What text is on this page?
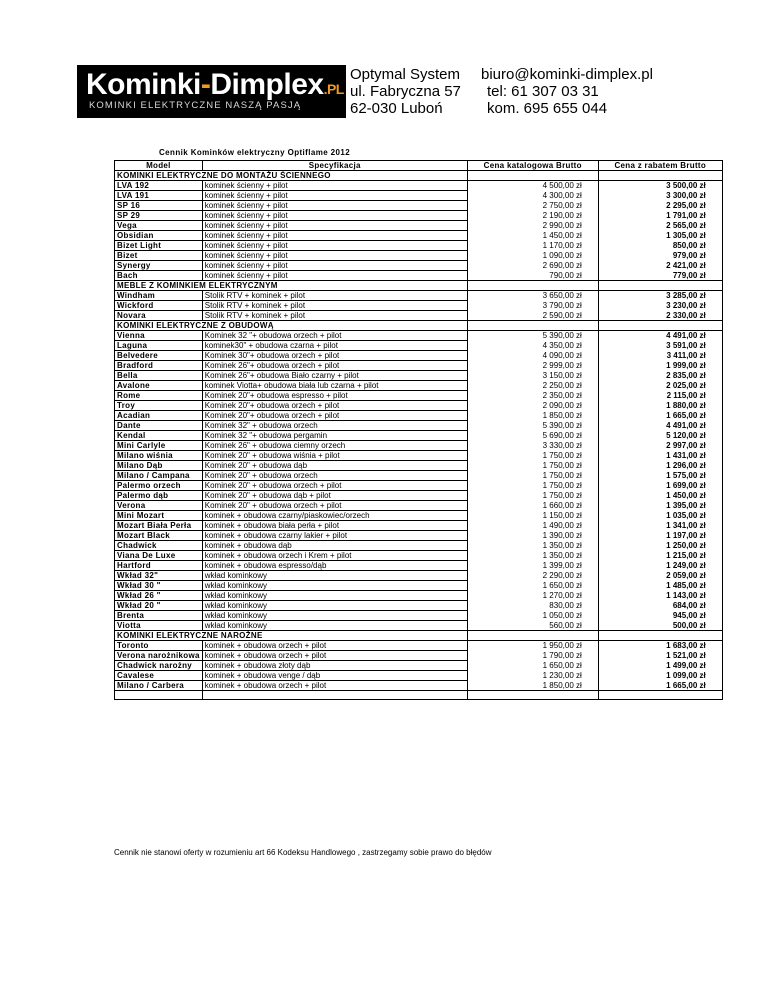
Kominki-Dimplex.PL
KOMINKI ELEKTRYCZNE NASZĄ PASJĄ
Optymal System
ul. Fabryczna 57
62-030 Luboń
biuro@kominki-dimplex.pl
tel: 61 307 03 31
kom. 695 655 044
Cennik Kominków elektryczny Optiflame 2012
Model	Specyfikacja	Cena katalogowa Brutto	Cena z rabatem Brutto
KOMINKI ELEKTRYCZNE DO MONTAŻU ŚCIENNEGO			
LVA 192	kominek ścienny + pilot	4 500,00 zł	3 500,00 zł
LVA 191	kominek ścienny + pilot	4 300,00 zł	3 300,00 zł
SP 16	kominek ścienny + pilot	2 750,00 zł	2 295,00 zł
SP 29	kominek ścienny + pilot	2 190,00 zł	1 791,00 zł
Vega	kominek ścienny + pilot	2 990,00 zł	2 565,00 zł
Obsidian	kominek ścienny + pilot	1 450,00 zł	1 305,00 zł
Bizet Light	kominek ścienny + pilot	1 170,00 zł	850,00 zł
Bizet	kominek ścienny + pilot	1 090,00 zł	979,00 zł
Synergy	kominek ścienny + pilot	2 690,00 zł	2 421,00 zł
Bach	kominek ścienny + pilot	790,00 zł	779,00 zł
MEBLE Z KOMINKIEM ELEKTRYCZNYM			
Windham	Stolik RTV + kominek + pilot	3 650,00 zł	3 285,00 zł
Wickford	Stolik RTV + kominek + pilot	3 790,00 zł	3 230,00 zł
Novara	Stolik RTV + kominek + pilot	2 590,00 zł	2 330,00 zł
KOMINKI ELEKTRYCZNE Z OBUDOWĄ			
Vienna	Kominek 32 "+ obudowa orzech + pilot	5 390,00 zł	4 491,00 zł
Laguna	kominek30" + obudowa czarna + pilot	4 350,00 zł	3 591,00 zł
Belvedere	Kominek 30"+ obudowa orzech + pilot	4 090,00 zł	3 411,00 zł
Bradford	Kominek 26"+ obudowa orzech + pilot	2 999,00 zł	1 999,00 zł
Bella	Kominek 26"+ obudowa Biało czarny + pilot	3 150,00 zł	2 835,00 zł
Avalone	kominek Viotta+ obudowa biała lub czarna + pilot	2 250,00 zł	2 025,00 zł
Rome	Kominek 20"+ obudowa espresso + pilot	2 350,00 zł	2 115,00 zł
Troy	Kominek 20"+ obudowa orzech + pilot	2 090,00 zł	1 880,00 zł
Acadian	Kominek 20"+ obudowa orzech + pilot	1 850,00 zł	1 665,00 zł
Dante	Kominek 32" + obudowa orzech	5 390,00 zł	4 491,00 zł
Kendal	Kominek 32 "+ obudowa pergamin	5 690,00 zł	5 120,00 zł
Mini Carlyle	Kominek 26" + obudowa ciemny orzech	3 330,00 zł	2 997,00 zł
Milano wiśnia	Kominek 20" + obudowa wiśnia + pilot	1 750,00 zł	1 431,00 zł
Milano Dąb	Kominek 20" + obudowa dąb	1 750,00 zł	1 296,00 zł
Milano / Campana	Kominek 20" + obudowa orzech	1 750,00 zł	1 575,00 zł
Palermo orzech	Kominek 20" + obudowa orzech + pilot	1 750,00 zł	1 699,00 zł
Palermo dąb	Kominek 20" + obudowa dąb + pilot	1 750,00 zł	1 450,00 zł
Verona	Kominek 20" + obudowa orzech + pilot	1 660,00 zł	1 395,00 zł
Mini Mozart	kominek + obudowa czarny/piaskowiec/orzech	1 150,00 zł	1 035,00 zł
Mozart Biała Perła	kominek + obudowa biała perła + pilot	1 490,00 zł	1 341,00 zł
Mozart Black	kominek + obudowa czarny lakier + pilot	1 390,00 zł	1 197,00 zł
Chadwick	kominek + obudowa dąb	1 350,00 zł	1 250,00 zł
Viana De Luxe	kominek + obudowa orzech i Krem + pilot	1 350,00 zł	1 215,00 zł
Hartford	kominek + obudowa espresso/dąb	1 399,00 zł	1 249,00 zł
Wkład 32"	wkład kominkowy	2 290,00 zł	2 059,00 zł
Wkład 30 "	wkład kominkowy	1 650,00 zł	1 485,00 zł
Wkład 26 "	wkład kominkowy	1 270,00 zł	1 143,00 zł
Wkład 20 "	wkład kominkowy	830,00 zł	684,00 zł
Brenta	wkład kominkowy	1 050,00 zł	945,00 zł
Viotta	wkład kominkowy	560,00 zł	500,00 zł
KOMINKI ELEKTRYCZNE NAROŻNE			
Toronto	kominek + obudowa orzech + pilot	1 950,00 zł	1 683,00 zł
Verona narożnikowa	kominek + obudowa orzech + pilot	1 790,00 zł	1 521,00 zł
Chadwick narożny	kominek + obudowa złoty dąb	1 650,00 zł	1 499,00 zł
Cavalese	kominek + obudowa venge / dąb	1 230,00 zł	1 099,00 zł
Milano / Carbera	kominek + obudowa orzech + pilot	1 850,00 zł	1 665,00 zł

Cennik nie stanowi oferty w rozumieniu art 66 Kodeksu Handlowego , zastrzegamy sobie prawo do błędów
